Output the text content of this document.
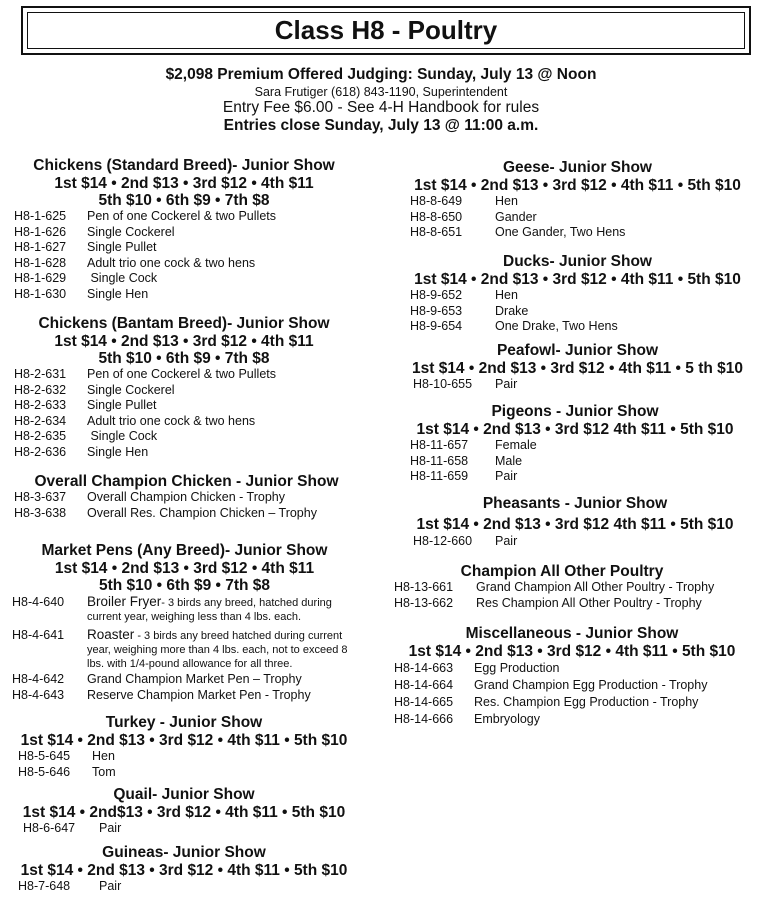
Class H8 - Poultry
$2,098 Premium Offered Judging: Sunday, July 13 @ Noon
Sara Frutiger (618) 843-1190, Superintendent
Entry Fee $6.00 - See 4-H Handbook for rules
Entries close Sunday, July 13 @ 11:00 a.m.
Chickens (Standard Breed)- Junior Show
1st $14 • 2nd $13 • 3rd $12 • 4th $11
5th $10 • 6th $9 • 7th $8
H8-1-625	Pen of one Cockerel & two Pullets
H8-1-626	Single Cockerel
H8-1-627	Single Pullet
H8-1-628	Adult trio one cock & two hens
H8-1-629	Single Cock
H8-1-630	Single Hen
Chickens (Bantam Breed)- Junior Show
1st $14 • 2nd $13 • 3rd $12 • 4th $11
5th $10 • 6th $9 • 7th $8
H8-2-631	Pen of one Cockerel & two Pullets
H8-2-632	Single Cockerel
H8-2-633	Single Pullet
H8-2-634	Adult trio one cock & two hens
H8-2-635	Single Cock
H8-2-636	Single Hen
Overall Champion Chicken - Junior Show
H8-3-637	Overall Champion Chicken - Trophy
H8-3-638	Overall Res. Champion Chicken – Trophy
Market Pens (Any Breed)- Junior Show
1st $14 • 2nd $13 • 3rd $12 • 4th $11
5th $10 • 6th $9 • 7th $8
H8-4-640	Broiler Fryer- 3 birds any breed, hatched during current year, weighing less than 4 lbs. each.
H8-4-641	Roaster - 3 birds any breed hatched during current year, weighing more than 4 lbs. each, not to exceed 8 lbs. with 1/4-pound allowance for all three.
H8-4-642	Grand Champion Market Pen – Trophy
H8-4-643	Reserve Champion Market Pen - Trophy
Turkey - Junior Show
1st $14 • 2nd $13 • 3rd $12 • 4th $11 • 5th $10
H8-5-645	Hen
H8-5-646	Tom
Quail- Junior Show
1st $14 • 2nd$13 • 3rd $12 • 4th $11 • 5th $10
H8-6-647	Pair
Guineas- Junior Show
1st $14 • 2nd $13 • 3rd $12 • 4th $11 • 5th $10
H8-7-648	Pair
Geese- Junior Show
1st $14 • 2nd $13 • 3rd $12 • 4th $11 • 5th $10
H8-8-649	Hen
H8-8-650	Gander
H8-8-651	One Gander, Two Hens
Ducks- Junior Show
1st $14 • 2nd $13 • 3rd $12 • 4th $11 • 5th $10
H8-9-652	Hen
H8-9-653	Drake
H8-9-654	One Drake, Two Hens
Peafowl- Junior Show
1st $14 • 2nd $13 • 3rd $12 • 4th $11 • 5 th $10
H8-10-655	Pair
Pigeons - Junior Show
1st $14 • 2nd $13 • 3rd $12 4th $11 • 5th $10
H8-11-657	Female
H8-11-658	Male
H8-11-659	Pair
Pheasants - Junior Show
1st $14 • 2nd $13 • 3rd $12 4th $11 • 5th $10
H8-12-660	Pair
Champion All Other Poultry
H8-13-661	Grand Champion All Other Poultry - Trophy
H8-13-662	Res Champion All Other Poultry - Trophy
Miscellaneous - Junior Show
1st $14 • 2nd $13 • 3rd $12 • 4th $11 • 5th $10
H8-14-663	Egg Production
H8-14-664	Grand Champion Egg Production - Trophy
H8-14-665	Res. Champion Egg Production - Trophy
H8-14-666	Embryology
